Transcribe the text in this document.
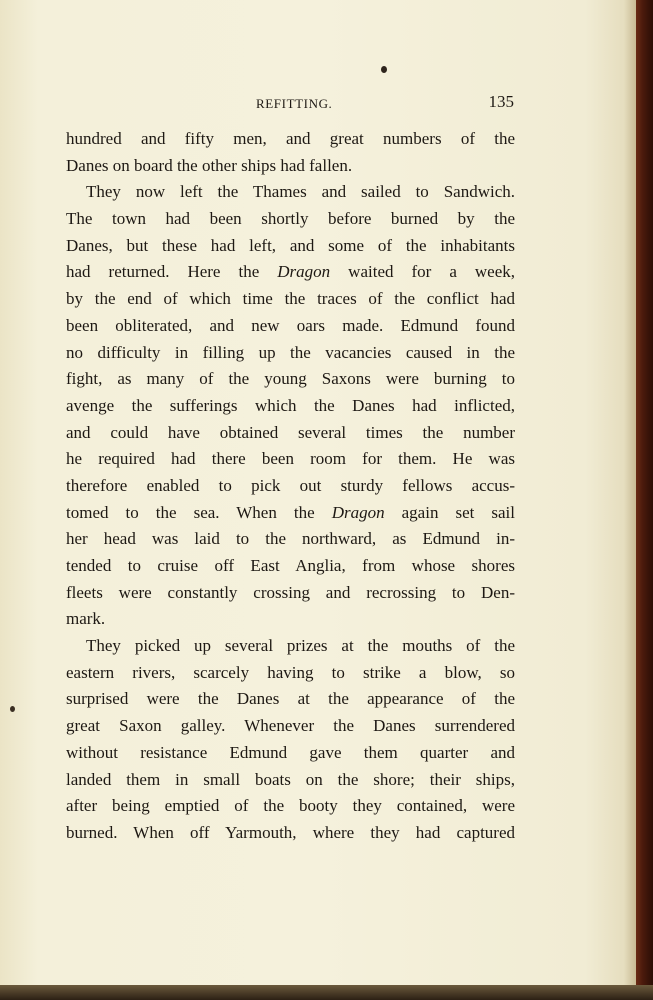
REFITTING.	135
hundred and fifty men, and great numbers of the
Danes on board the other ships had fallen.
They now left the Thames and sailed to Sandwich.
The town had been shortly before burned by the
Danes, but these had left, and some of the inhabitants
had returned. Here the Dragon waited for a week,
by the end of which time the traces of the conflict had
been obliterated, and new oars made. Edmund found
no difficulty in filling up the vacancies caused in the
fight, as many of the young Saxons were burning to
avenge the sufferings which the Danes had inflicted,
and could have obtained several times the number
he required had there been room for them. He was
therefore enabled to pick out sturdy fellows accus-
tomed to the sea. When the Dragon again set sail
her head was laid to the northward, as Edmund in-
tended to cruise off East Anglia, from whose shores
fleets were constantly crossing and recrossing to Den-
mark.
They picked up several prizes at the mouths of the
eastern rivers, scarcely having to strike a blow, so
surprised were the Danes at the appearance of the
great Saxon galley. Whenever the Danes surrendered
without resistance Edmund gave them quarter and
landed them in small boats on the shore; their ships,
after being emptied of the booty they contained, were
burned. When off Yarmouth, where they had captured
